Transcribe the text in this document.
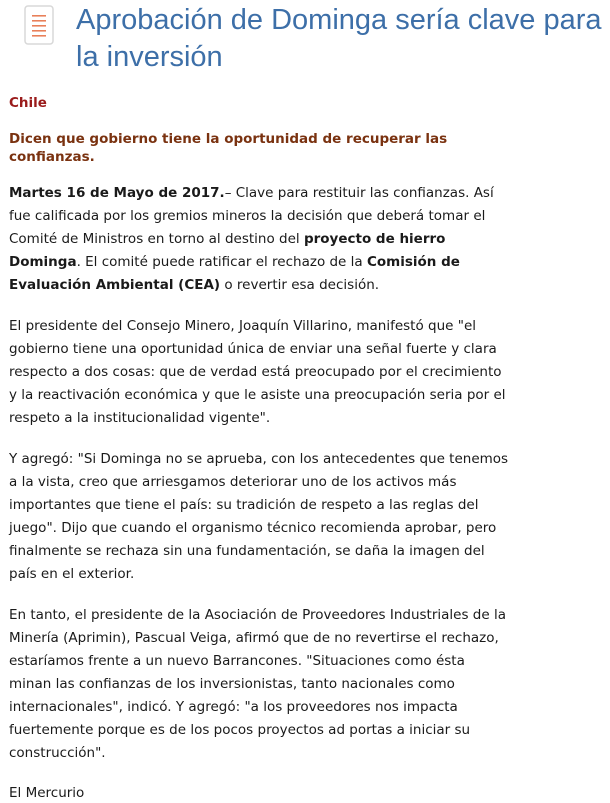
Aprobación de Dominga sería clave para la inversión
Chile
Dicen que gobierno tiene la oportunidad de recuperar las confianzas.

Martes 16 de Mayo de 2017.– Clave para restituir las confianzas. Así fue calificada por los gremios mineros la decisión que deberá tomar el Comité de Ministros en torno al destino del proyecto de hierro Dominga. El comité puede ratificar el rechazo de la Comisión de Evaluación Ambiental (CEA) o revertir esa decisión.

El presidente del Consejo Minero, Joaquín Villarino, manifestó que "el gobierno tiene una oportunidad única de enviar una señal fuerte y clara respecto a dos cosas: que de verdad está preocupado por el crecimiento y la reactivación económica y que le asiste una preocupación seria por el respeto a la institucionalidad vigente".

Y agregó: "Si Dominga no se aprueba, con los antecedentes que tenemos a la vista, creo que arriesgamos deteriorar uno de los activos más importantes que tiene el país: su tradición de respeto a las reglas del juego". Dijo que cuando el organismo técnico recomienda aprobar, pero finalmente se rechaza sin una fundamentación, se daña la imagen del país en el exterior.

En tanto, el presidente de la Asociación de Proveedores Industriales de la Minería (Aprimin), Pascual Veiga, afirmó que de no revertirse el rechazo, estaríamos frente a un nuevo Barrancones. "Situaciones como ésta minan las confianzas de los inversionistas, tanto nacionales como internacionales", indicó. Y agregó: "a los proveedores nos impacta fuertemente porque es de los pocos proyectos ad portas a iniciar su construcción".

El Mercurio
